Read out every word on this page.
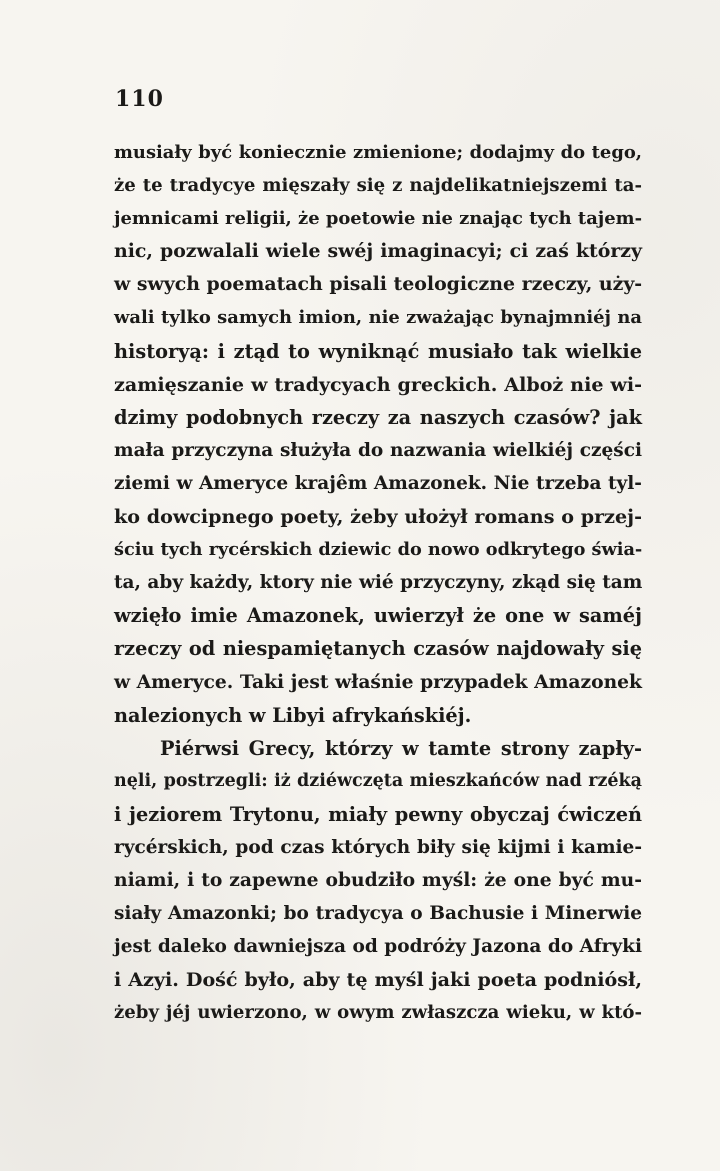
110
musiały być koniecznie zmienione; dodajmy do tego,
że te tradycye mięszały się z najdelikatniejszemi ta-
jemnicami religii, że poetowie nie znając tych tajem-
nic, pozwalali wiele swéj imaginacyi; ci zaś którzy
w swych poematach pisali teologiczne rzeczy, uży-
wali tylko samych imion, nie zważając bynajmniéj na
historyą: i ztąd to wyniknąć musiało tak wielkie
zamięszanie w tradycyach greckich. Alboż nie wi-
dzimy podobnych rzeczy za naszych czasów? jak
mała przyczyna służyła do nazwania wielkiéj części
ziemi w Ameryce krajêm Amazonek. Nie trzeba tyl-
ko dowcipnego poety, żeby ułożył romans o przej-
ściu tych rycérskich dziewic do nowo odkrytego świa-
ta, aby każdy, ktory nie wié przyczyny, zkąd się tam
wzięło imie Amazonek, uwierzył że one w saméj
rzeczy od niespamiętanych czasów najdowały się
w Ameryce. Taki jest właśnie przypadek Amazonek
nalezionych w Libyi afrykańskiéj.
Piérwsi Grecy, którzy w tamte strony zapły-
nęli, postrzegli: iż dziéwczęta mieszkańców nad rzéką
i jeziorem Trytonu, miały pewny obyczaj ćwiczeń
rycérskich, pod czas których biły się kijmi i kamie-
niami, i to zapewne obudziło myśl: że one być mu-
siały Amazonki; bo tradycya o Bachusie i Minerwie
jest daleko dawniejsza od podróży Jazona do Afryki
i Azyi. Dość było, aby tę myśl jaki poeta podniósł,
żeby jéj uwierzono, w owym zwłaszcza wieku, w któ-
